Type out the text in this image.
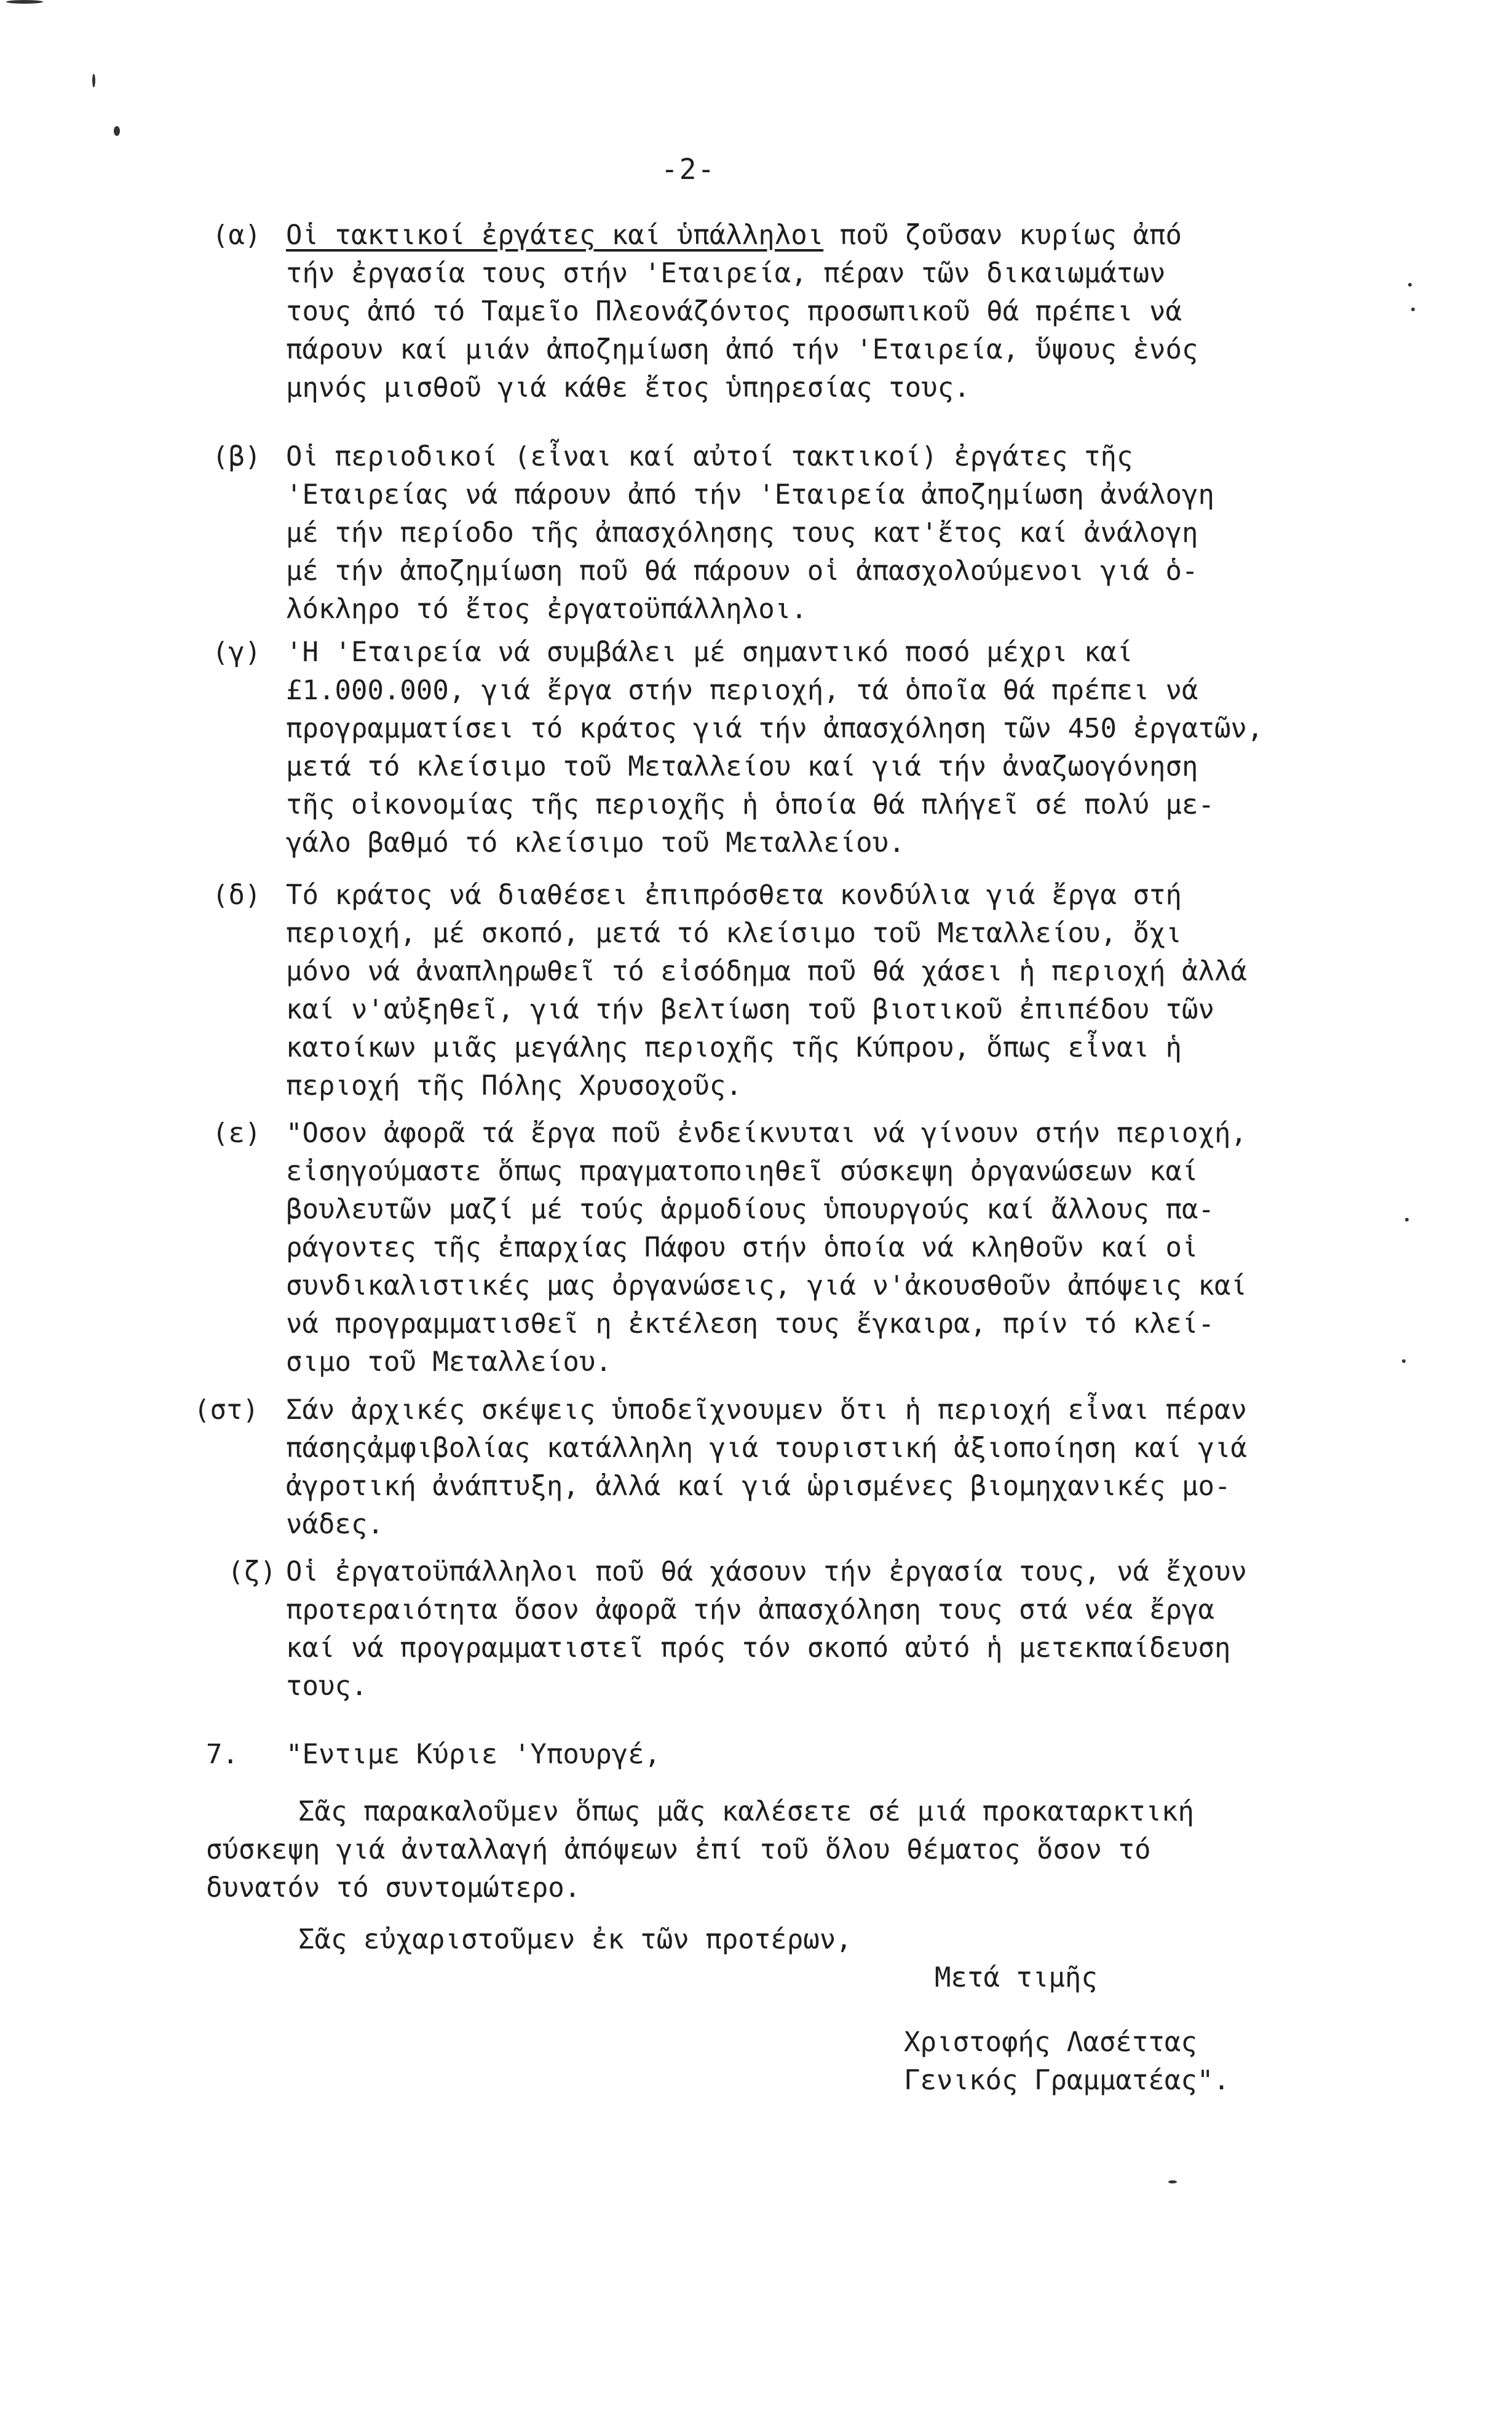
-2-
(α) Οἱ τακτικοί ἐργάτες καί ὑπάλληλοι ποῦ ζοῦσαν κυρίως ἀπό
τήν ἐργασία τους στήν 'Εταιρεία, πέραν τῶν δικαιωμάτων
τους ἀπό τό Ταμεῖο Πλεονάζόντος προσωπικοῦ θά πρέπει νά
πάρουν καί μιάν ἀποζημίωση ἀπό τήν 'Εταιρεία, ὕψους ἑνός
μηνός μισθοῦ γιά κάθε ἔτος ὑπηρεσίας τους.
(β) Οἱ περιοδικοί (εἶναι καί αὐτοί τακτικοί) ἐργάτες τῆς
'Εταιρείας νά πάρουν ἀπό τήν 'Εταιρεία ἀποζημίωση ἀνάλογη
μέ τήν περίοδο τῆς ἀπασχόλησης τους κατ'ἔτος καί ἀνάλογη
μέ τήν ἀποζημίωση ποῦ θά πάρουν οἱ ἀπασχολούμενοι γιά ὁ-
λόκληρο τό ἔτος ἐργατοϋπάλληλοι.
(γ) 'Η 'Εταιρεία νά συμβάλει μέ σημαντικό ποσό μέχρι καί
£1.000.000, γιά ἔργα στήν περιοχή, τά ὁποῖα θά πρέπει νά
προγραμματίσει τό κράτος γιά τήν ἀπασχόληση τῶν 450 ἐργατῶν,
μετά τό κλείσιμο τοῦ Μεταλλείου καί γιά τήν ἀναζωογόνηση
τῆς οἰκονομίας τῆς περιοχῆς ἡ ὁποία θά πλήγεῖ σέ πολύ με-
γάλο βαθμό τό κλείσιμο τοῦ Μεταλλείου.
(δ) Τό κράτος νά διαθέσει ἐπιπρόσθετα κονδύλια γιά ἔργα στή
περιοχή, μέ σκοπό, μετά τό κλείσιμο τοῦ Μεταλλείου, ὄχι
μόνο νά ἀναπληρωθεῖ τό εἰσόδημα ποῦ θά χάσει ἡ περιοχή ἀλλά
καί ν'αὐξηθεῖ, γιά τήν βελτίωση τοῦ βιοτικοῦ ἐπιπέδου τῶν
κατοίκων μιᾶς μεγάλης περιοχῆς τῆς Κύπρου, ὅπως εἶναι ἡ
περιοχή τῆς Πόλης Χρυσοχοῦς.
(ε) "Οσον ἀφορᾶ τά ἔργα ποῦ ἐνδείκνυται νά γίνουν στήν περιοχή,
εἰσηγούμαστε ὅπως πραγματοποιηθεῖ σύσκεψη ὀργανώσεων καί
βουλευτῶν μαζί μέ τούς ἁρμοδίους ὑπουργούς καί ἄλλους πα-
ράγοντες τῆς ἐπαρχίας Πάφου στήν ὁποία νά κληθοῦν καί οἱ
συνδικαλιστικές μας ὀργανώσεις, γιά ν'ἀκουσθοῦν ἀπόψεις καί
νά προγραμματισθεῖ η ἐκτέλεση τους ἔγκαιρα, πρίν τό κλεί-
σιμο τοῦ Μεταλλείου.
(στ) Σάν ἀρχικές σκέψεις ὑποδεῖχνουμεν ὅτι ἡ περιοχή εἶναι πέραν
πάσηςἀμφιβολίας κατάλληλη γιά τουριστική ἀξιοποίηση καί γιά
ἀγροτική ἀνάπτυξη, ἀλλά καί γιά ὡρισμένες βιομηχανικές μο-
νάδες.
(ζ) Οἱ ἐργατοϋπάλληλοι ποῦ θά χάσουν τήν ἐργασία τους, νά ἔχουν
προτεραιότητα ὅσον ἀφορᾶ τήν ἀπασχόληση τους στά νέα ἔργα
καί νά προγραμματιστεῖ πρός τόν σκοπό αὐτό ἡ μετεκπαίδευση
τους.
7. "Εντιμε Κύριε 'Υπουργέ,
Σᾶς παρακαλοῦμεν ὅπως μᾶς καλέσετε σέ μιά προκαταρκτική
σύσκεψη γιά ἀνταλλαγή ἀπόψεων ἐπί τοῦ ὅλου θέματος ὅσον τό
δυνατόν τό συντομώτερο.
Σᾶς εὐχαριστοῦμεν ἐκ τῶν προτέρων,
Μετά τιμῆς
Χριστοφής Λασέττας
Γενικός Γραμματέας".
